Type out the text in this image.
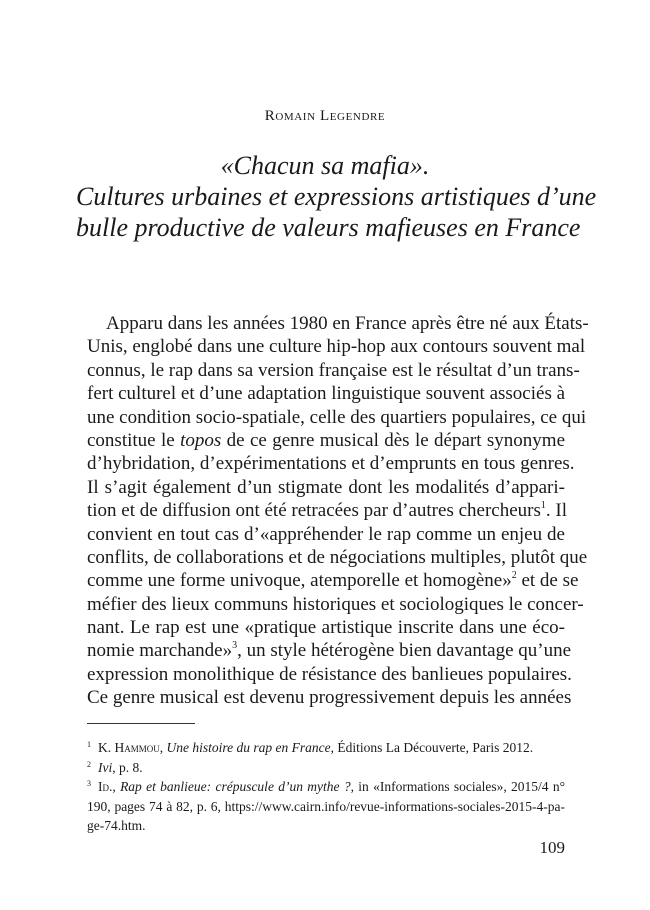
Romain Legendre
«Chacun sa mafia».
Cultures urbaines et expressions artistiques d’une
bulle productive de valeurs mafieuses en France
Apparu dans les années 1980 en France après être né aux États-
Unis, englobé dans une culture hip-hop aux contours souvent mal
connus, le rap dans sa version française est le résultat d’un trans-
fert culturel et d’une adaptation linguistique souvent associés à
une condition socio-spatiale, celle des quartiers populaires, ce qui
constitue le topos de ce genre musical dès le départ synonyme
d’hybridation, d’expérimentations et d’emprunts en tous genres.
Il s’agit également d’un stigmate dont les modalités d’appari-
tion et de diffusion ont été retracées par d’autres chercheurs$^1$. Il
convient en tout cas d’«appréhender le rap comme un enjeu de
conflits, de collaborations et de négociations multiples, plutôt que
comme une forme univoque, atemporelle et homogène»$^2$ et de se
méfier des lieux communs historiques et sociologiques le concer-
nant. Le rap est une «pratique artistique inscrite dans une éco-
nomie marchande»$^3$, un style hétérogène bien davantage qu’une
expression monolithique de résistance des banlieues populaires.
Ce genre musical est devenu progressivement depuis les années
$^1$ K. Hammou, Une histoire du rap en France, Éditions La Découverte, Paris 2012.
$^2$ Ivi, p. 8.
$^3$ Id., Rap et banlieue: crépuscule d’un mythe ?, in «Informations sociales», 2015/4 n°
190, pages 74 à 82, p. 6, https://www.cairn.info/revue-informations-sociales-2015-4-pa-
ge-74.htm.
109
